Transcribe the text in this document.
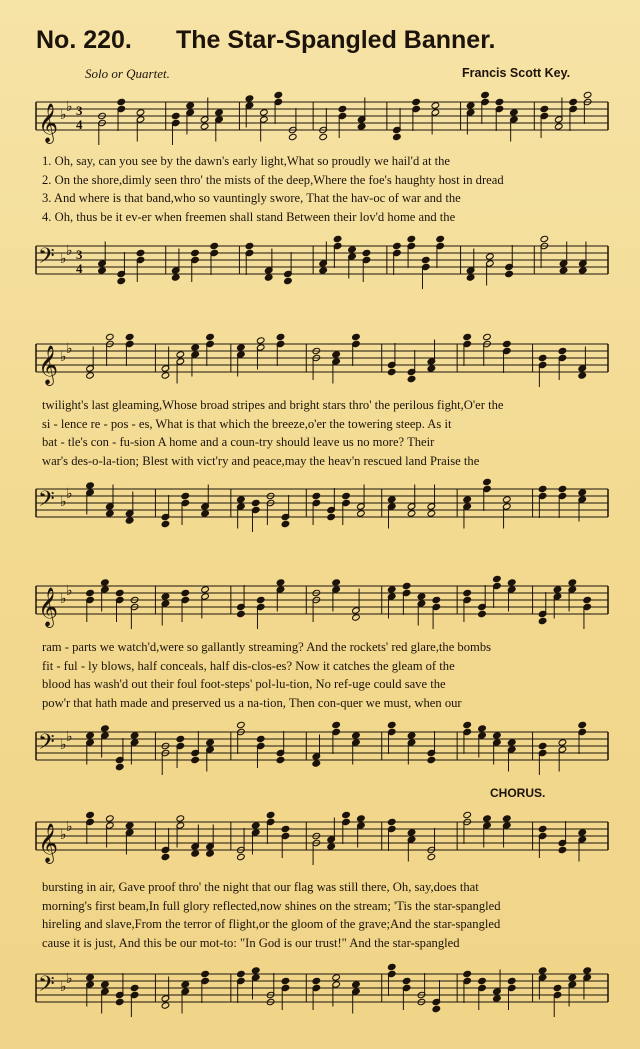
No. 220. The Star-Spangled Banner.
Solo or Quartet.	Francis Scott Key.
𝄞 ♭ ♭ 3
4
1. Oh, say, can you see by the dawn's early light,What so proudly we hail'd at the
2. On the shore,dimly seen thro' the mists of the deep,Where the foe's haughty host in dread
3. And where is that band,who so vauntingly swore, That the hav-oc of war and the
4. Oh, thus be it ev-er when freemen shall stand Between their lov'd home and the
𝄢 ♭ ♭ 3
4
𝄞 ♭ ♭
twilight's last gleaming,Whose broad stripes and bright stars thro' the perilous fight,O'er the
si - lence re - pos - es, What is that which the breeze,o'er the towering steep. As it
bat - tle's con - fu-sion A home and a coun-try should leave us no more? Their
war's des-o-la-tion; Blest with vict'ry and peace,may the heav'n rescued land Praise the
𝄢 ♭ ♭
𝄞 ♭ ♭
ram - parts we watch'd,were so gallantly streaming? And the rockets' red glare,the bombs
fit - ful - ly blows, half conceals, half dis-clos-es? Now it catches the gleam of the
blood has wash'd out their foul foot-steps' pol-lu-tion, No ref-uge could save the
pow'r that hath made and preserved us a na-tion, Then con-quer we must, when our
𝄢 ♭ ♭
CHORUS.
𝄞 ♭ ♭
bursting in air, Gave proof thro' the night that our flag was still there, Oh, say,does that
morning's first beam,In full glory reflected,now shines on the stream; 'Tis the star-spangled
hireling and slave,From the terror of flight,or the gloom of the grave;And the star-spangled
cause it is just, And this be our mot-to: "In God is our trust!" And the star-spangled
𝄢 ♭ ♭
